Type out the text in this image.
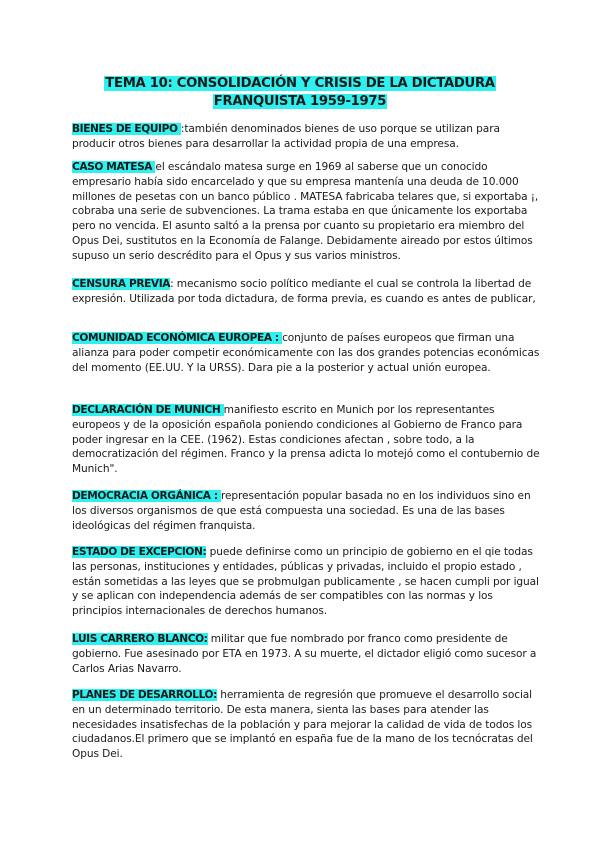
TEMA 10: CONSOLIDACIÓN Y CRISIS DE LA DICTADURA
FRANQUISTA 1959-1975
BIENES DE EQUIPO :también denominados bienes de uso porque se utilizan para producir otros bienes para desarrollar la actividad propia de una empresa.
CASO MATESA el escándalo matesa surge en 1969 al saberse que un conocido empresario había sido encarcelado y que su empresa mantenía una deuda de 10.000 millones de pesetas con un banco público . MATESA fabricaba telares que, si exportaba ¡, cobraba una serie de subvenciones. La trama estaba en que únicamente los exportaba pero no vencida. El asunto saltó a la prensa por cuanto su propietario era miembro del Opus Dei, sustitutos en la Economía de Falange. Debidamente aireado por estos últimos supuso un serio descrédito para el Opus y sus varios ministros.
CENSURA PREVIA: mecanismo socio político mediante el cual se controla la libertad de expresión. Utilizada por toda dictadura, de forma previa, es cuando es antes de publicar,
COMUNIDAD ECONÓMICA EUROPEA : conjunto de países europeos que firman una alianza para poder competir económicamente con las dos grandes potencias económicas del momento (EE.UU. Y la URSS). Dara pie a la posterior y actual unión europea.
DECLARACIÓN DE MUNICH manifiesto escrito en Munich por los representantes europeos y de la oposición española poniendo condiciones al Gobierno de Franco para poder ingresar en la CEE. (1962). Estas condiciones afectan , sobre todo, a la democratización del régimen. Franco y la prensa adicta lo motejó como el contubernio de Munich".
DEMOCRACIA ORGÁNICA : representación popular basada no en los individuos sino en los diversos organismos de que está compuesta una sociedad. Es una de las bases ideológicas del régimen franquista.
ESTADO DE EXCEPCION: puede definirse como un principio de gobierno en el qie todas las personas, instituciones y entidades, públicas y privadas, incluido el propio estado , están sometidas a las leyes que se probmulgan publicamente , se hacen cumpli por igual y se aplican con independencia además de ser compatibles con las normas y los principios internacionales de derechos humanos.
LUIS CARRERO BLANCO: militar que fue nombrado por franco como presidente de gobierno. Fue asesinado por ETA en 1973. A su muerte, el dictador eligió como sucesor a Carlos Arias Navarro.
PLANES DE DESARROLLO: herramienta de regresión que promueve el desarrollo social en un determinado territorio. De esta manera, sienta las bases para atender las necesidades insatisfechas de la población y para mejorar la calidad de vida de todos los ciudadanos.El primero que se implantó en españa fue de la mano de los tecnócratas del Opus Dei.
